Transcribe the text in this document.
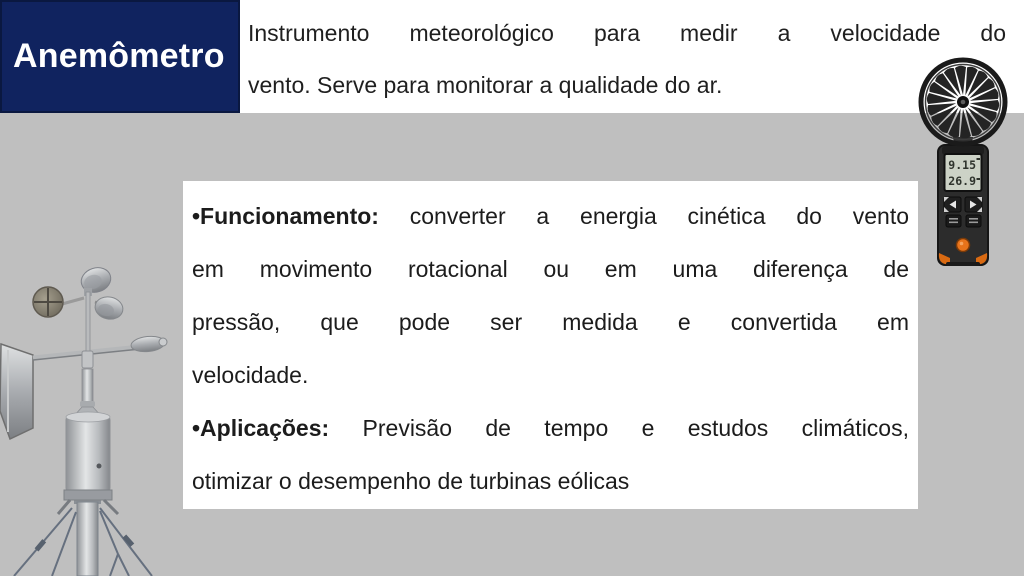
Instrumento meteorológico para medir a velocidade do
vento. Serve para monitorar a qualidade do ar.
Anemômetro
•Funcionamento: converter a energia cinética do vento
em movimento rotacional ou em uma diferença de
pressão, que pode ser medida e convertida em
velocidade.
•Aplicações: Previsão de tempo e estudos climáticos,
otimizar o desempenho de turbinas eólicas
9.15
26.9
